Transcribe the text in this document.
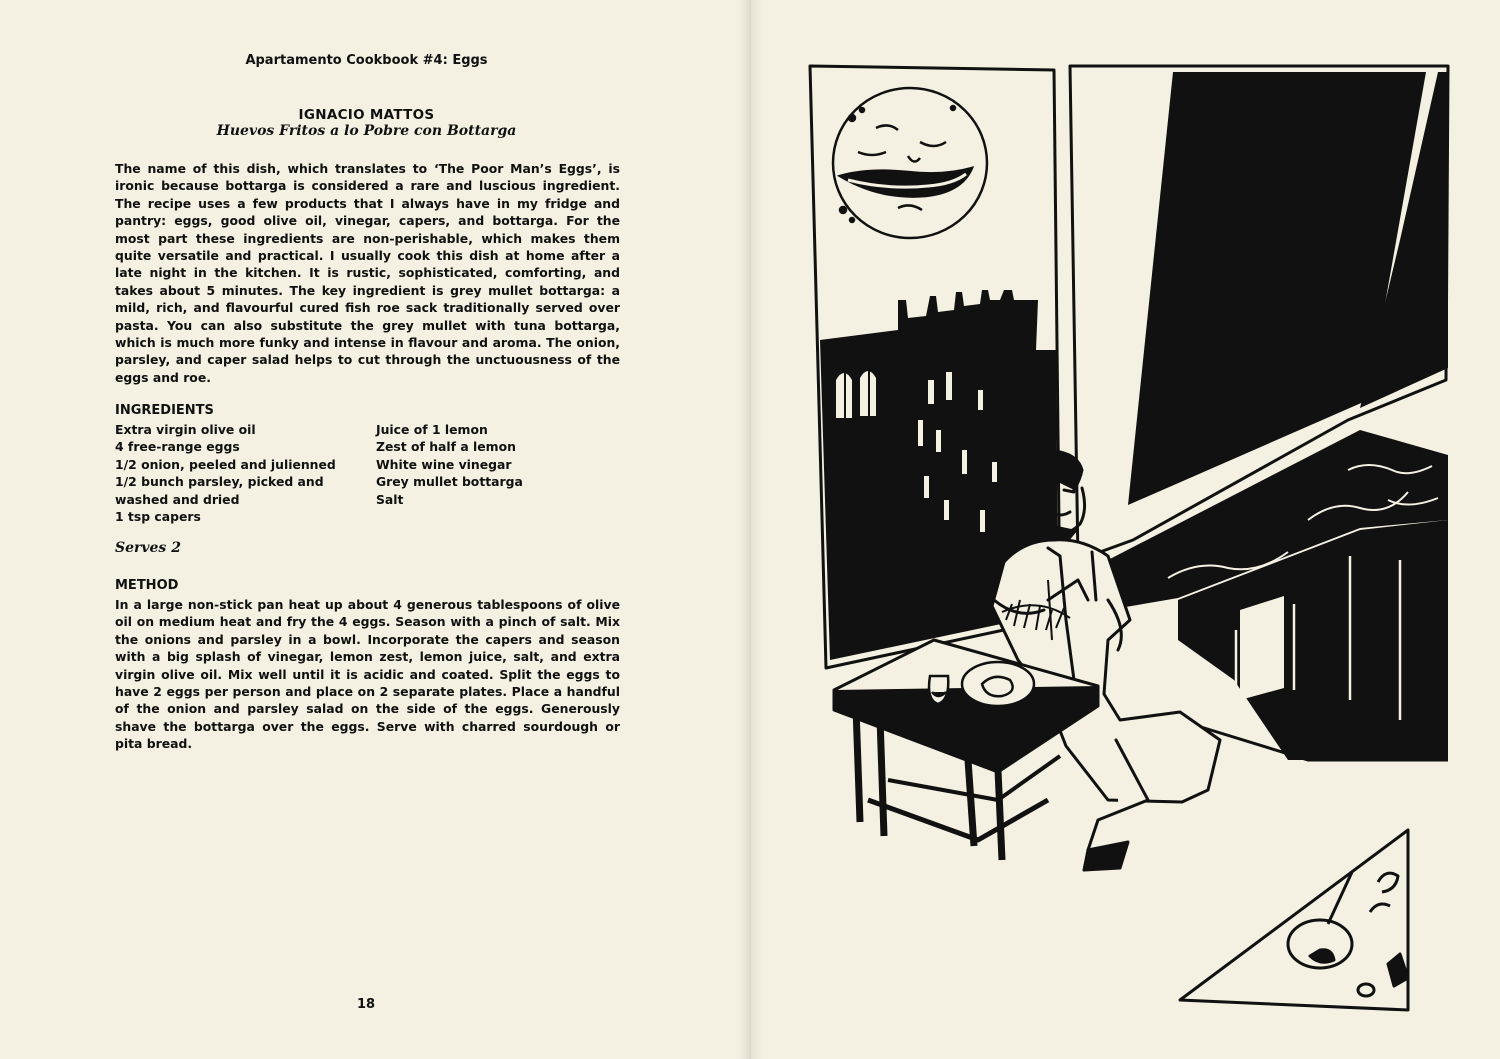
Apartamento Cookbook #4: Eggs
IGNACIO MATTOS
Huevos Fritos a lo Pobre con Bottarga

The name of this dish, which translates to ‘The Poor Man’s Eggs’, is ironic because bottarga is considered a rare and luscious ingredient. The recipe uses a few products that I always have in my fridge and pantry: eggs, good olive oil, vinegar, capers, and bottarga. For the most part these ingredients are non-perishable, which makes them quite versatile and practical. I usually cook this dish at home after a late night in the kitchen. It is rustic, sophisticated, comforting, and takes about 5 minutes. The key ingredient is grey mullet bottarga: a mild, rich, and flavourful cured fish roe sack traditionally served over pasta. You can also substitute the grey mullet with tuna bottarga, which is much more funky and intense in flavour and aroma. The onion, parsley, and caper salad helps to cut through the unctuousness of the eggs and roe.

INGREDIENTS
Extra virgin olive oil
4 free-range eggs
1/2 onion, peeled and julienned
1/2 bunch parsley, picked and washed and dried
1 tsp capers
Juice of 1 lemon
Zest of half a lemon
White wine vinegar
Grey mullet bottarga
Salt
Serves 2
METHOD

In a large non-stick pan heat up about 4 generous tablespoons of olive oil on medium heat and fry the 4 eggs. Season with a pinch of salt. Mix the onions and parsley in a bowl. Incorporate the capers and season with a big splash of vinegar, lemon zest, lemon juice, salt, and extra virgin olive oil. Mix well until it is acidic and coated. Split the eggs to have 2 eggs per person and place on 2 separate plates. Place a handful of the onion and parsley salad on the side of the eggs. Generously shave the bottarga over the eggs. Serve with charred sourdough or pita bread.

18
